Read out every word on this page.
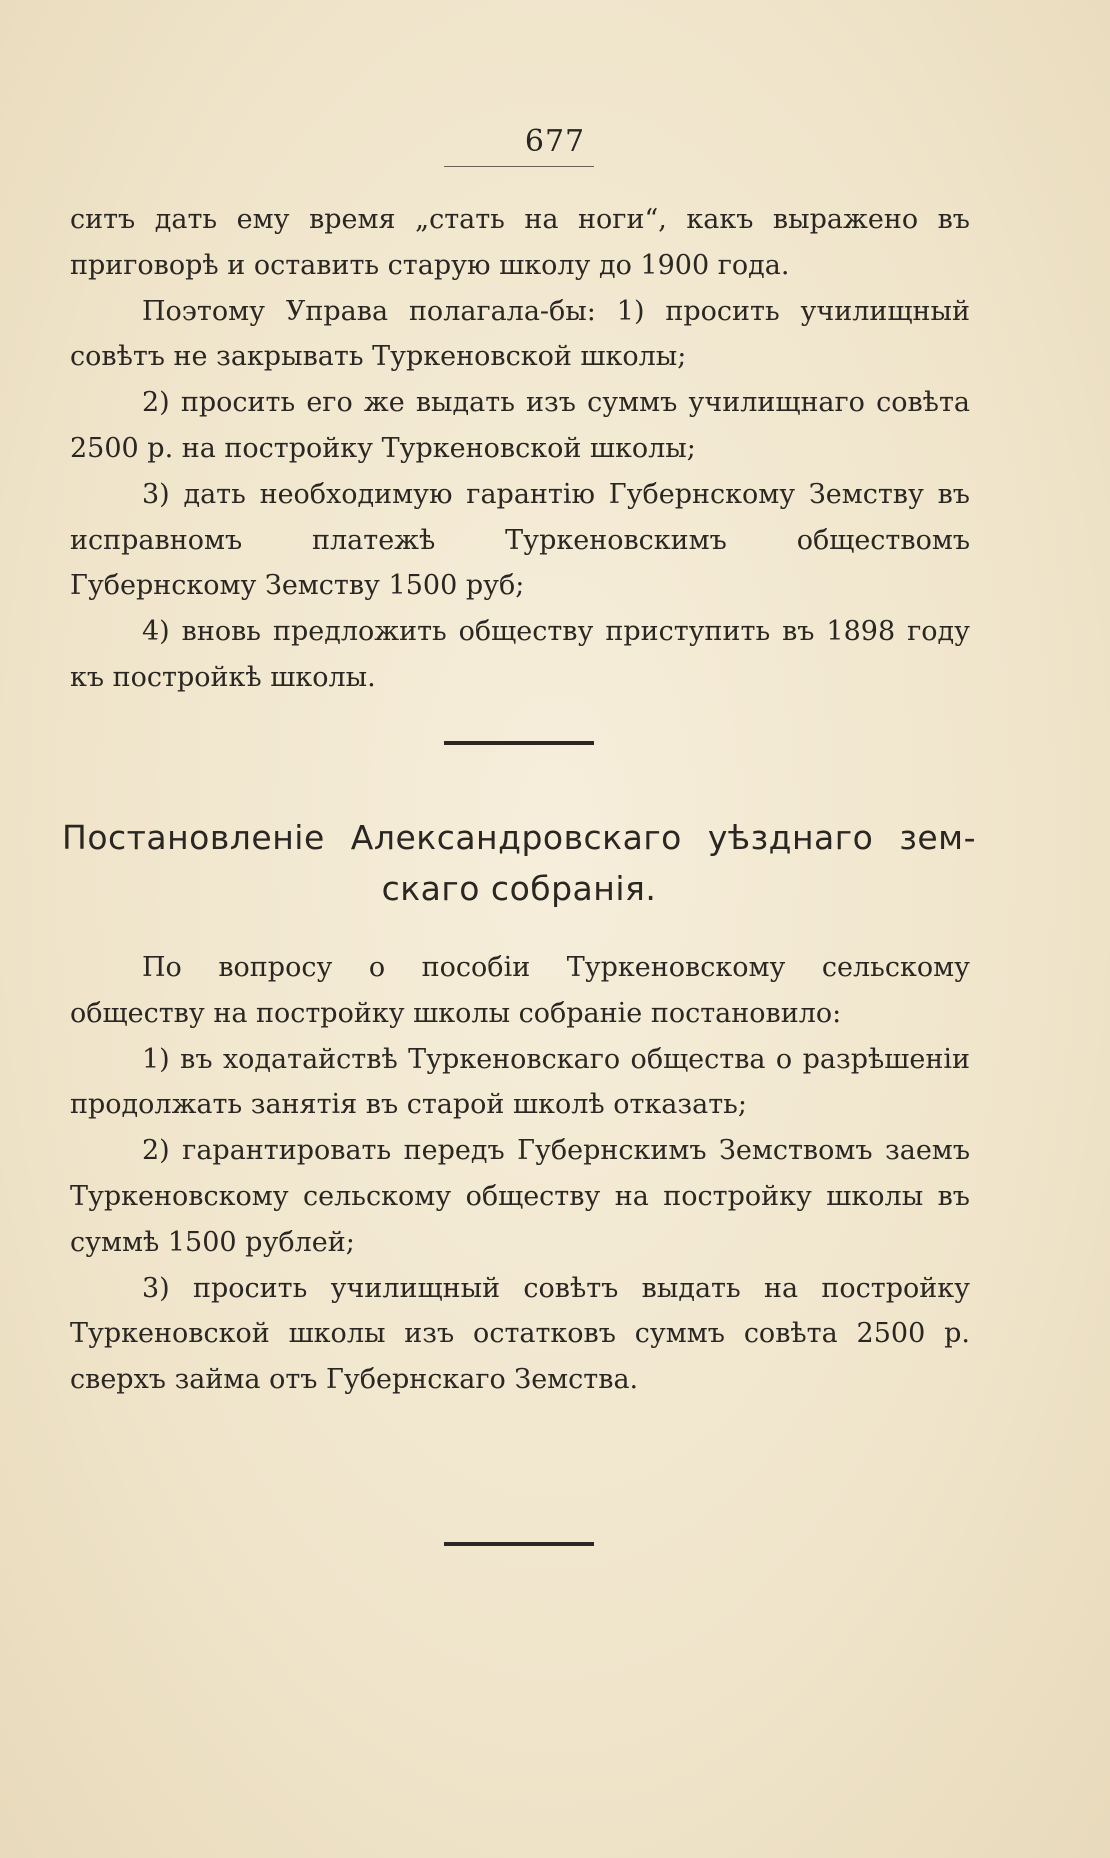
677

ситъ дать ему время „стать на ноги“, какъ выражено въ приговорѣ и оставить старую школу до 1900 года.

Поэтому Управа полагала-бы: 1) просить училищный совѣтъ не закрывать Туркеновской школы;

2) просить его же выдать изъ суммъ училищнаго совѣта 2500 р. на постройку Туркеновской школы;

3) дать необходимую гарантію Губернскому Земству въ исправномъ платежѣ Туркеновскимъ обществомъ Губернскому Земству 1500 руб;

4) вновь предложить обществу приступить въ 1898 году къ постройкѣ школы.

Постановленіе Александровскаго уѣзднаго зем-
скаго собранія.

По вопросу о пособіи Туркеновскому сельскому обществу на постройку школы собраніе постановило:

1) въ ходатайствѣ Туркеновскаго общества о разрѣшеніи продолжать занятія въ старой школѣ отказать;

2) гарантировать передъ Губернскимъ Земствомъ заемъ Туркеновскому сельскому обществу на постройку школы въ суммѣ 1500 рублей;

3) просить училищный совѣтъ выдать на постройку Туркеновской школы изъ остатковъ суммъ совѣта 2500 р. сверхъ займа отъ Губернскаго Земства.
